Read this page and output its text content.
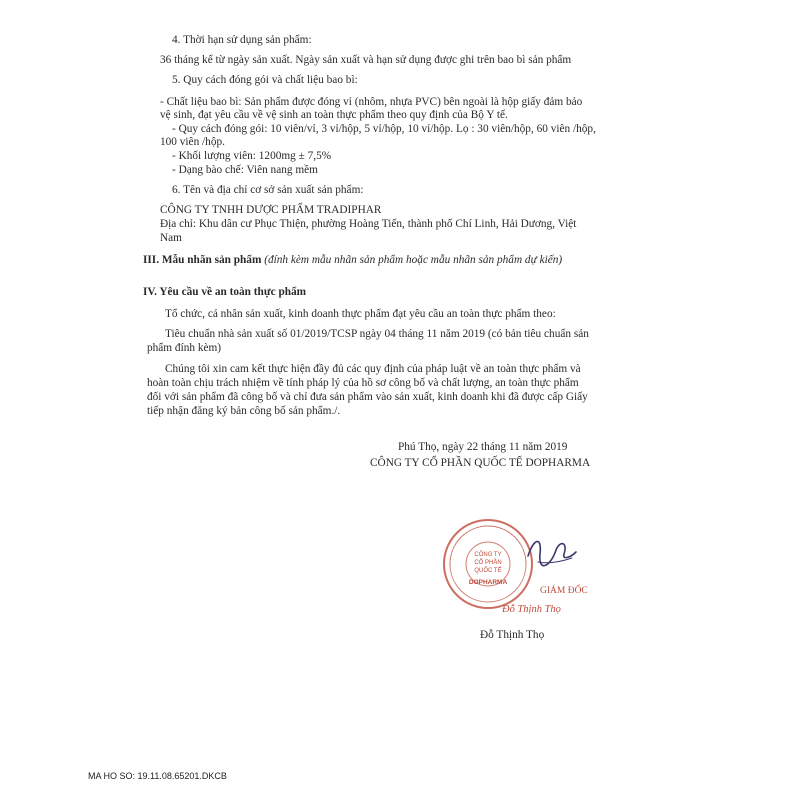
4. Thời hạn sử dụng sản phẩm:
36 tháng kể từ ngày sản xuất. Ngày sản xuất và hạn sử dụng được ghi trên bao bì sản phẩm
5. Quy cách đóng gói và chất liệu bao bì:
- Chất liệu bao bì: Sản phẩm được đóng vỉ (nhôm, nhựa PVC) bên ngoài là hộp giấy đảm bảo
vệ sinh, đạt yêu cầu về vệ sinh an toàn thực phẩm theo quy định của Bộ Y tế.
- Quy cách đóng gói: 10 viên/vỉ, 3 vỉ/hộp, 5 vỉ/hộp, 10 vỉ/hộp. Lọ : 30 viên/hộp, 60 viên /hộp,
100 viên /hộp.
- Khối lượng viên: 1200mg ± 7,5%
- Dạng bào chế: Viên nang mềm
6. Tên và địa chỉ cơ sở sản xuất sản phẩm:
CÔNG TY TNHH DƯỢC PHẨM TRADIPHAR
Địa chỉ: Khu dân cư Phục Thiện, phường Hoàng Tiến, thành phố Chí Linh, Hải Dương, Việt
Nam
III. Mẫu nhãn sản phẩm (đính kèm mẫu nhãn sản phẩm hoặc mẫu nhãn sản phẩm dự kiến)
IV. Yêu cầu về an toàn thực phẩm
Tổ chức, cá nhân sản xuất, kinh doanh thực phẩm đạt yêu cầu an toàn thực phẩm theo:
Tiêu chuẩn nhà sản xuất số 01/2019/TCSP ngày 04 tháng 11 năm 2019 (có bản tiêu chuẩn sản
phẩm đính kèm)
Chúng tôi xin cam kết thực hiện đầy đủ các quy định của pháp luật về an toàn thực phẩm và
hoàn toàn chịu trách nhiệm về tính pháp lý của hồ sơ công bố và chất lượng, an toàn thực phẩm
đối với sản phẩm đã công bố và chỉ đưa sản phẩm vào sản xuất, kinh doanh khi đã được cấp Giấy
tiếp nhận đăng ký bản công bố sản phẩm./.
Phú Thọ, ngày 22 tháng 11 năm 2019
CÔNG TY CỔ PHẦN QUỐC TẾ DOPHARMA
CÔNG TY
CỔ PHẦN
QUỐC TẾ
DOPHARMA
GIÁM ĐỐC
Đỗ Thịnh Thọ
Đỗ Thịnh Thọ
MA HO SO: 19.11.08.65201.DKCB
